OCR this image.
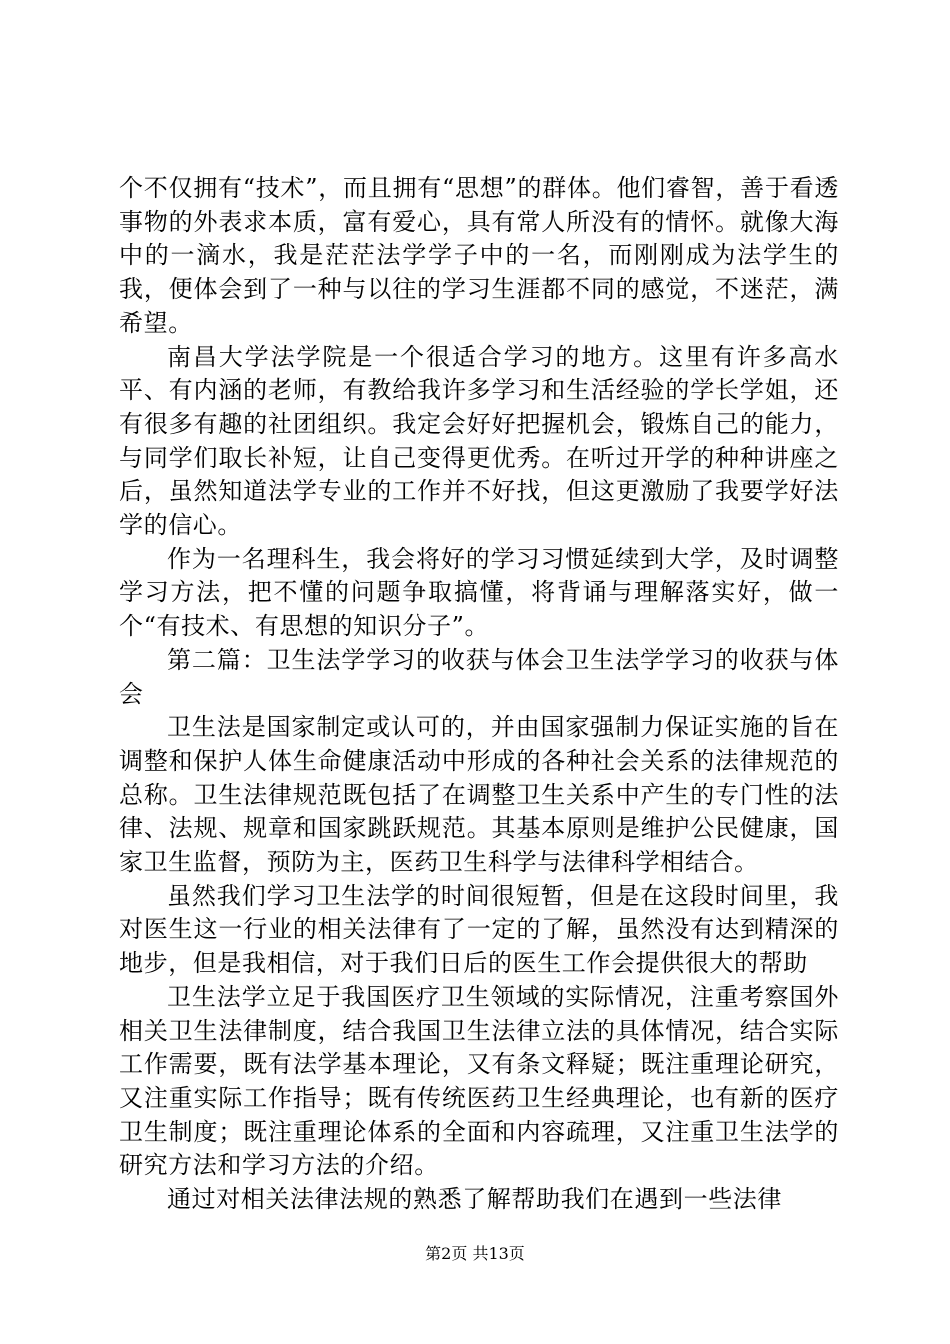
个不仅拥有“技术”，而且拥有“思想”的群体。他们睿智，善于看透事物的外表求本质，富有爱心，具有常人所没有的情怀。就像大海中的一滴水，我是茫茫法学学子中的一名，而刚刚成为法学生的我，便体会到了一种与以往的学习生涯都不同的感觉，不迷茫，满希望。

南昌大学法学院是一个很适合学习的地方。这里有许多高水平、有内涵的老师，有教给我许多学习和生活经验的学长学姐，还有很多有趣的社团组织。我定会好好把握机会，锻炼自己的能力，与同学们取长补短，让自己变得更优秀。在听过开学的种种讲座之后，虽然知道法学专业的工作并不好找，但这更激励了我要学好法学的信心。

作为一名理科生，我会将好的学习习惯延续到大学，及时调整学习方法，把不懂的问题争取搞懂，将背诵与理解落实好，做一个“有技术、有思想的知识分子”。

第二篇：卫生法学学习的收获与体会卫生法学学习的收获与体会

卫生法是国家制定或认可的，并由国家强制力保证实施的旨在调整和保护人体生命健康活动中形成的各种社会关系的法律规范的总称。卫生法律规范既包括了在调整卫生关系中产生的专门性的法律、法规、规章和国家跳跃规范。其基本原则是维护公民健康，国家卫生监督，预防为主，医药卫生科学与法律科学相结合。

虽然我们学习卫生法学的时间很短暂，但是在这段时间里，我对医生这一行业的相关法律有了一定的了解，虽然没有达到精深的地步，但是我相信，对于我们日后的医生工作会提供很大的帮助

卫生法学立足于我国医疗卫生领域的实际情况，注重考察国外相关卫生法律制度，结合我国卫生法律立法的具体情况，结合实际工作需要，既有法学基本理论，又有条文释疑；既注重理论研究，又注重实际工作指导；既有传统医药卫生经典理论，也有新的医疗卫生制度；既注重理论体系的全面和内容疏理，又注重卫生法学的研究方法和学习方法的介绍。

通过对相关法律法规的熟悉了解帮助我们在遇到一些法律

第2页 共13页
